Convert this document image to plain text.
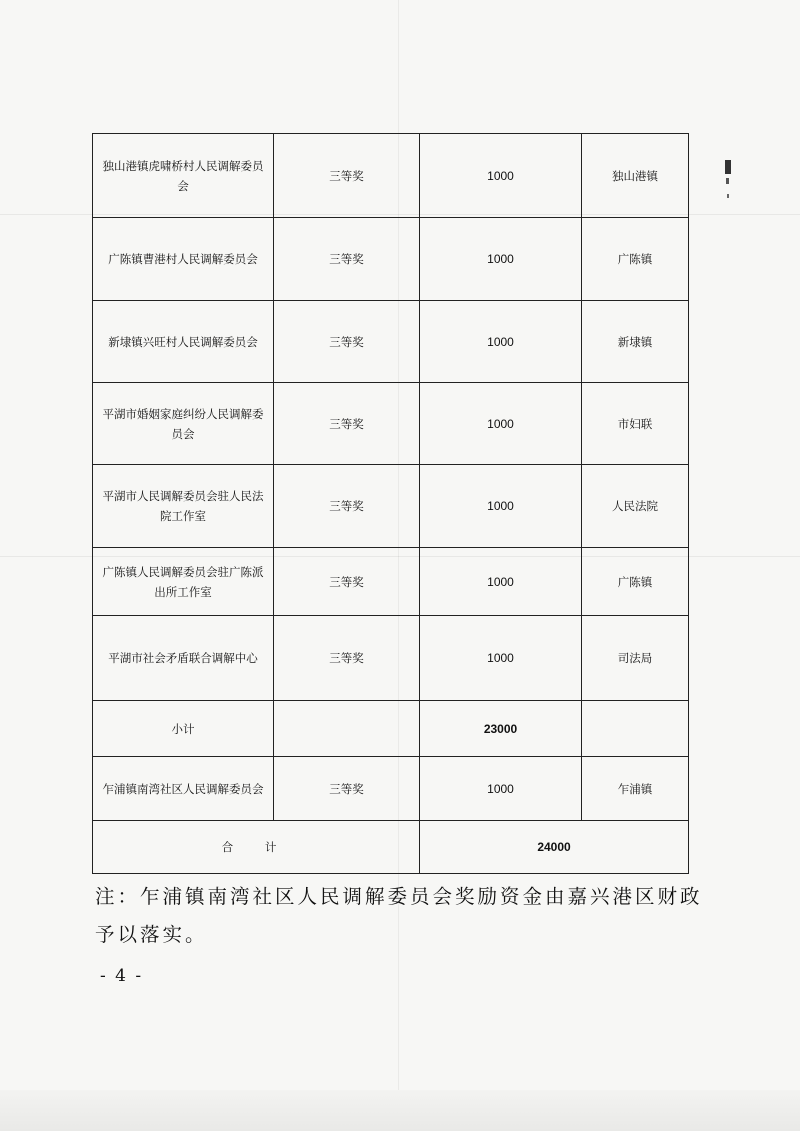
独山港镇虎啸桥村人民调解委员会	三等奖	1000	独山港镇
广陈镇曹港村人民调解委员会	三等奖	1000	广陈镇
新埭镇兴旺村人民调解委员会	三等奖	1000	新埭镇
平湖市婚姻家庭纠纷人民调解委员会	三等奖	1000	市妇联
平湖市人民调解委员会驻人民法院工作室	三等奖	1000	人民法院
广陈镇人民调解委员会驻广陈派出所工作室	三等奖	1000	广陈镇
平湖市社会矛盾联合调解中心	三等奖	1000	司法局
小计		23000	
乍浦镇南湾社区人民调解委员会	三等奖	1000	乍浦镇
合 计		24000	
注：乍浦镇南湾社区人民调解委员会奖励资金由嘉兴港区财政
予以落实。
- 4 -
